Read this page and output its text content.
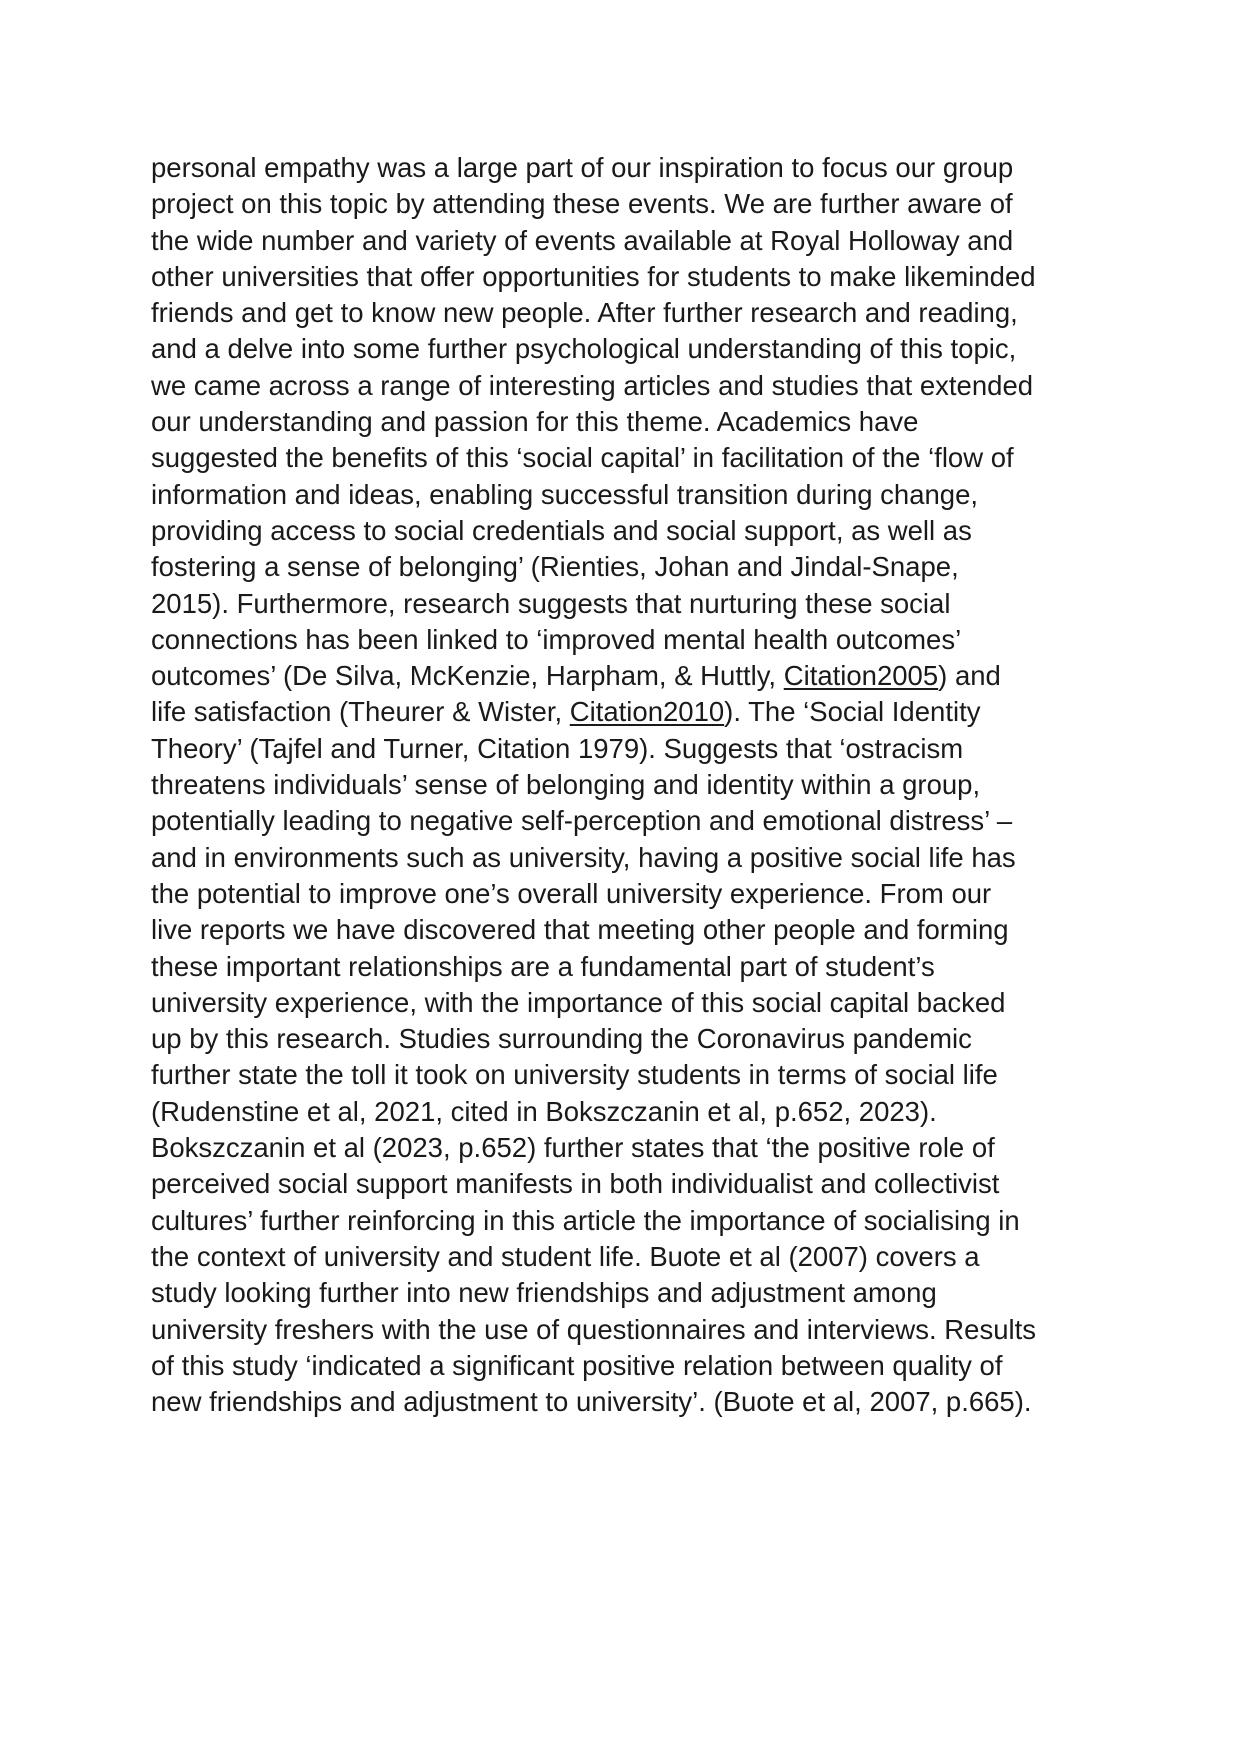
personal empathy was a large part of our inspiration to focus our group
project on this topic by attending these events. We are further aware of
the wide number and variety of events available at Royal Holloway and
other universities that offer opportunities for students to make likeminded
friends and get to know new people. After further research and reading,
and a delve into some further psychological understanding of this topic,
we came across a range of interesting articles and studies that extended
our understanding and passion for this theme. Academics have
suggested the benefits of this ‘social capital’ in facilitation of the ‘flow of
information and ideas, enabling successful transition during change,
providing access to social credentials and social support, as well as
fostering a sense of belonging’ (Rienties, Johan and Jindal-Snape,
2015). Furthermore, research suggests that nurturing these social
connections has been linked to ‘improved mental health outcomes’
outcomes’ (De Silva, McKenzie, Harpham, & Huttly, Citation2005) and
life satisfaction (Theurer & Wister, Citation2010). The ‘Social Identity
Theory’ (Tajfel and Turner, Citation 1979). Suggests that ‘ostracism
threatens individuals’ sense of belonging and identity within a group,
potentially leading to negative self-perception and emotional distress’ –
and in environments such as university, having a positive social life has
the potential to improve one’s overall university experience. From our
live reports we have discovered that meeting other people and forming
these important relationships are a fundamental part of student’s
university experience, with the importance of this social capital backed
up by this research. Studies surrounding the Coronavirus pandemic
further state the toll it took on university students in terms of social life
(Rudenstine et al, 2021, cited in Bokszczanin et al, p.652, 2023).
Bokszczanin et al (2023, p.652) further states that ‘the positive role of
perceived social support manifests in both individualist and collectivist
cultures’ further reinforcing in this article the importance of socialising in
the context of university and student life. Buote et al (2007) covers a
study looking further into new friendships and adjustment among
university freshers with the use of questionnaires and interviews. Results
of this study ‘indicated a significant positive relation between quality of
new friendships and adjustment to university’. (Buote et al, 2007, p.665).
